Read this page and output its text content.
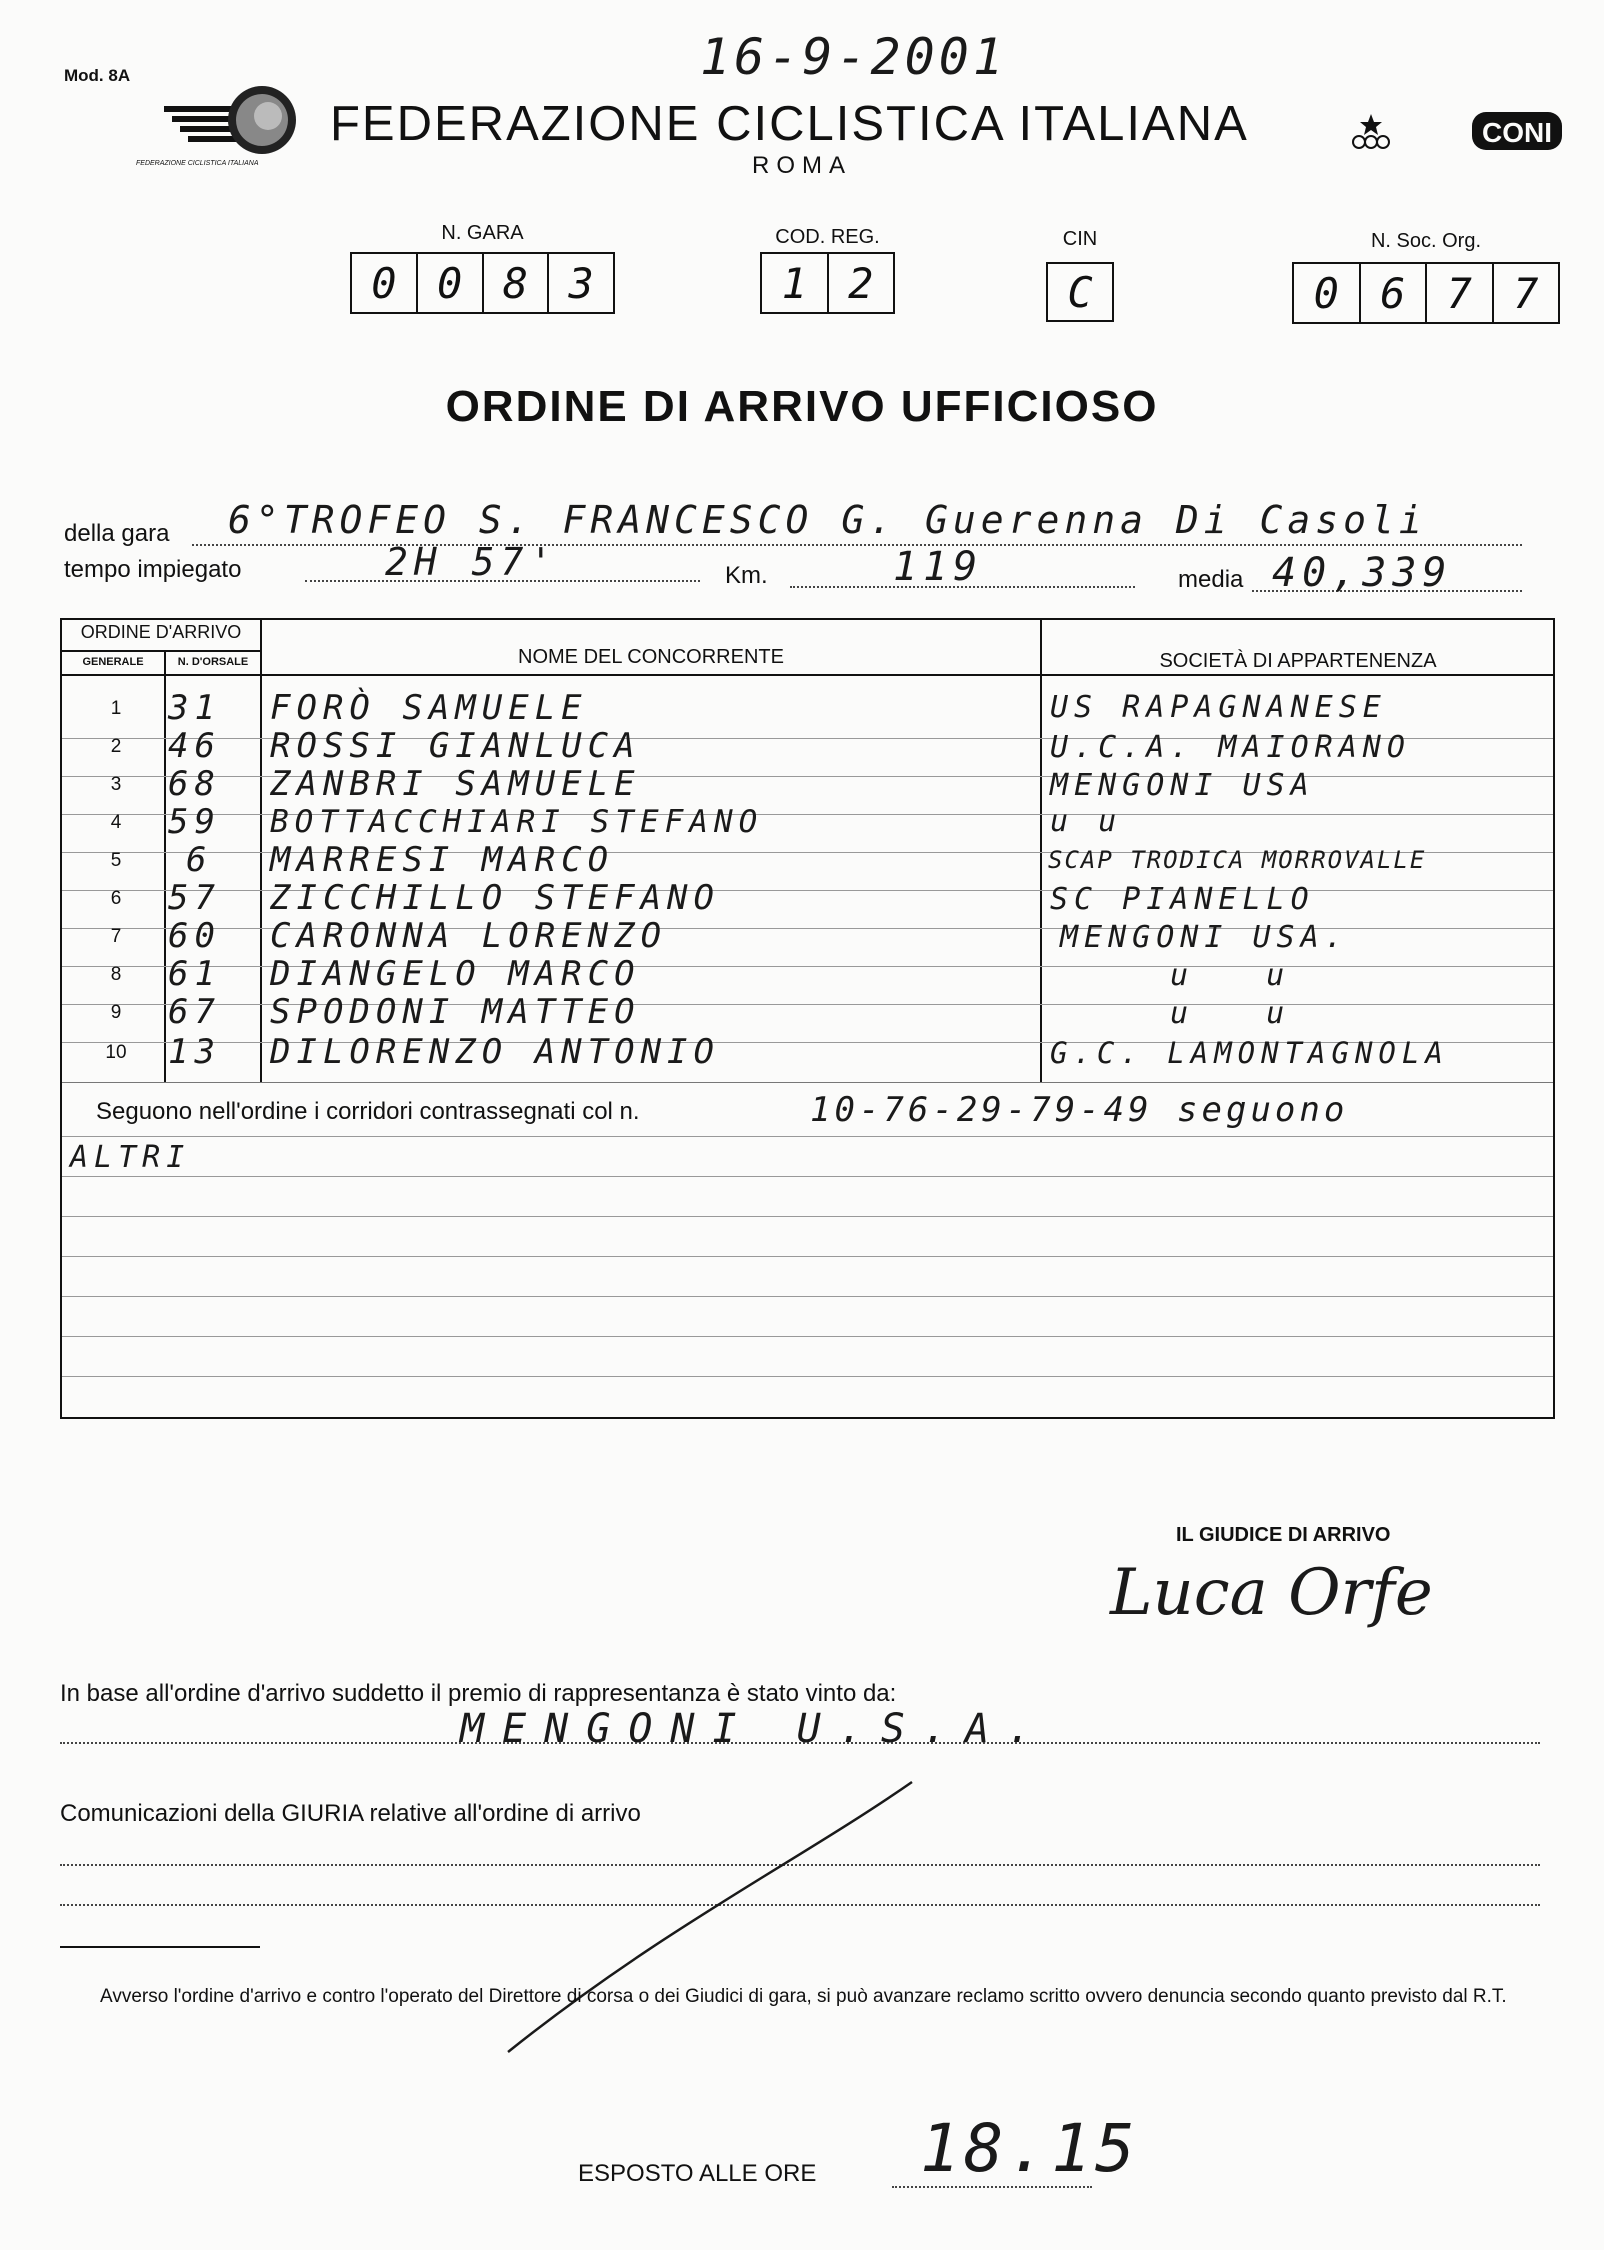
Mod. 8A	16-9-2001
FEDERAZIONE CICLISTICA ITALIANA
FEDERAZIONE CICLISTICA ITALIANA
ROMA
CONI
N. GARA
0 0 8 3
COD. REG.
1 2
CIN
C
N. Soc. Org.
0 6 7 7
ORDINE DI ARRIVO UFFICIOSO
della gara 6°TROFEO S. FRANCESCO G. Guerenna Di Casoli
tempo impiegato	2H 57'	Km.	119	media 40,339
ORDINE D'ARRIVO
GENERALE	N. D'ORSALE	NOME DEL CONCORRENTE	SOCIETÀ DI APPARTENENZA
1	31 FORÒ SAMUELE	US RAPAGNANESE
2	46 ROSSI GIANLUCA	U.C.A. MAIORANO
3	68 ZANBRI SAMUELE	MENGONI USA
4	59 BOTTACCHIARI STEFANO	u u
5	6 MARRESI MARCO	SCAP TRODICA MORROVALLE
6	57 ZICCHILLO STEFANO	SC PIANELLO
7	60 CARONNA LORENZO	MENGONI USA.
8	61 DIANGELO MARCO	u u
9	67 SPODONI MATTEO	u u
10	13 DILORENZO ANTONIO	G.C. LAMONTAGNOLA
Seguono nell'ordine i corridori contrassegnati col n.	10-76-29-79-49 seguono
ALTRI
IL GIUDICE DI ARRIVO
Luca Orfe
In base all'ordine d'arrivo suddetto il premio di rappresentanza è stato vinto da:
MENGONI U.S.A.
Comunicazioni della GIURIA relative all'ordine di arrivo
Avverso l'ordine d'arrivo e contro l'operato del Direttore di corsa o dei Giudici di gara, si può avanzare reclamo scritto ovvero denuncia secondo quanto previsto dal R.T.
ESPOSTO ALLE ORE 18.15
